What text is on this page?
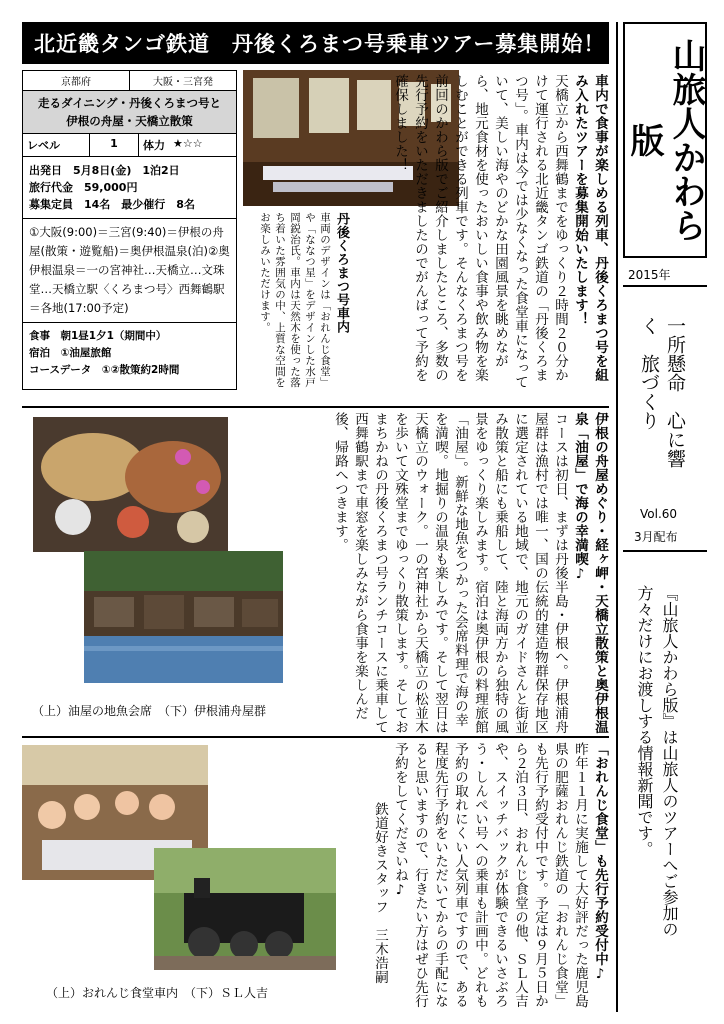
北近畿タンゴ鉄道　丹後くろまつ号乗車ツアー募集開始！
京都府	大阪・三宮発
走るダイニング・丹後くろまつ号と
伊根の舟屋・天橋立散策
レベル	1	体力 ★☆☆
出発日　5月8日(金)　1泊2日
旅行代金　59,000円
募集定員　14名　最少催行　8名
①大阪(9:00)＝三宮(9:40)＝伊根の舟屋(散策・遊覧船)＝奥伊根温泉(泊)②奥伊根温泉＝一の宮神社…天橋立…文珠堂…天橋立駅〈くろまつ号〉西舞鶴駅＝各地(17:00予定)
食事　朝1昼1夕1（期間中）
宿泊　①油屋旅館
コースデータ　①②散策約2時間	車内で食事が楽しめる列車、丹後くろまつ号を組み入れたツアーを募集開始いたします！

天橋立から西舞鶴までをゆっくり２時間２０分かけて運行される北近畿タンゴ鉄道の「丹後くろまつ号」。車内は今では少なくなった食堂車になっていて、美しい海やのどかな田園風景を眺めながら、地元食材を使ったおいしい食事や飲み物を楽しむことができる列車です。そんなくろまつ号を前回のかわら版でご紹介しましたところ、多数の先行予約をいただきましたのでがんばって予約を確保しました！

丹後くろまつ号車内

車両のデザインは「おれんじ食堂」や「ななつ星」をデザインした水戸岡鋭治氏。車内は天然木を使った落ち着いた雰囲気の中、上質な空間をお楽しみいただけます。

（上）油屋の地魚会席　（下）伊根浦舟屋群	伊根の舟屋めぐり・経ヶ岬・天橋立散策と奥伊根温泉「油屋」で海の幸満喫♪

コースは初日、まずは丹後半島・伊根へ。伊根浦舟屋群は漁村では唯一、国の伝統的建造物群保存地区に選定されている地域で、地元のガイドさんと街並み散策と船にも乗船して、陸と海両方から独特の風景をゆっくり楽しみます。宿泊は奥伊根の料理旅館「油屋」。新鮮な地魚をつかった会席料理で海の幸を満喫。地掘りの温泉も楽しみです。そして翌日は天橋立のウォーク。一の宮神社から天橋立の松並木を歩いて文殊堂までゆっくり散策します。そしておまちかねの丹後くろまつ号ランチコースに乗車して西舞鶴駅まで車窓を楽しみながら食事を楽しんだ後、帰路へつきます。

（上）おれんじ食堂車内　（下）ＳＬ人吉

「おれんじ食堂」も先行予約受付中♪

昨年１１月に実施して大好評だった鹿児島県の肥薩おれんじ鉄道の「おれんじ食堂」も先行予約受付中です。予定は９月５日から２泊３日、おれんじ食堂の他、ＳＬ人吉や、スイッチバックが体験できるいさぶろう・しんぺい号への乗車も計画中。どれも予約の取れにくい人気列車ですので、ある程度先行予約をいただいてからの手配になると思いますので、行きたい方はぜひ先行予約をしてくださいね♪

鉄道好きスタッフ　三木浩嗣

山旅人かわら版
2015年
一所懸命　心に響く　旅づくり
Vol.60
3月配布
『山旅人かわら版』は山旅人のツアーへご参加の方々だけにお渡しする情報新聞です。
